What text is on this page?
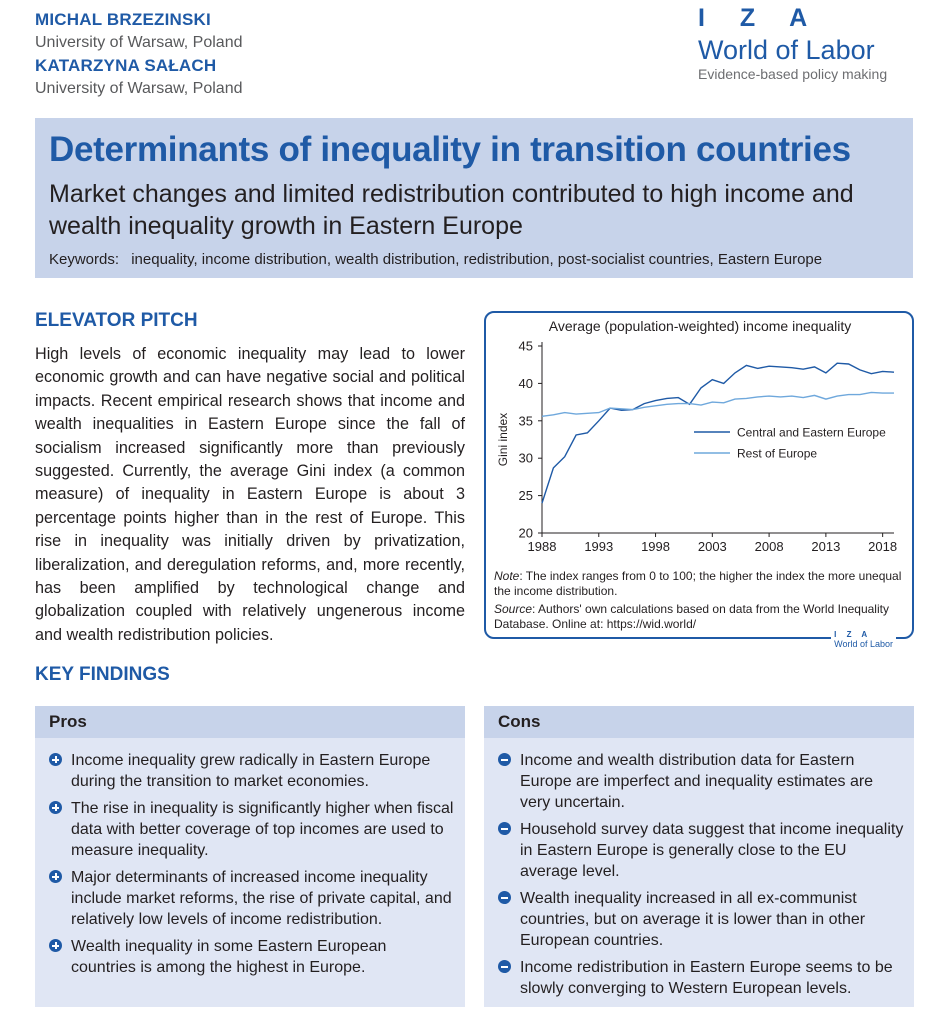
MICHAL BRZEZINSKI
University of Warsaw, Poland
KATARZYNA SAŁACH
University of Warsaw, Poland
I Z A
World of Labor
Evidence-based policy making
Determinants of inequality in transition countries
Market changes and limited redistribution contributed to high income and wealth inequality growth in Eastern Europe
Keywords: inequality, income distribution, wealth distribution, redistribution, post-socialist countries, Eastern Europe
ELEVATOR PITCH
High levels of economic inequality may lead to lower economic growth and can have negative social and political impacts. Recent empirical research shows that income and wealth inequalities in Eastern Europe since the fall of socialism increased significantly more than previously suggested. Currently, the average Gini index (a common measure) of inequality in Eastern Europe is about 3 percentage points higher than in the rest of Europe. This rise in inequality was initially driven by privatization, liberalization, and deregulation reforms, and, more recently, has been amplified by technological change and globalization coupled with relatively ungenerous income and wealth redistribution policies.
Average (population-weighted) income inequality
20
25
30
35
40
45
1988 1993 1998 2003 2008 2013 2018
Gini index	Central and Eastern Europe
Rest of Europe

Note: The index ranges from 0 to 100; the higher the index the more unequal the income distribution.

Source: Authors' own calculations based on data from the World Inequality Database. Online at: https://wid.world/

I Z A
World of Labor
KEY FINDINGS
Pros
Income inequality grew radically in Eastern Europe during the transition to market economies.
The rise in inequality is significantly higher when fiscal data with better coverage of top incomes are used to measure inequality.
Major determinants of increased income inequality include market reforms, the rise of private capital, and relatively low levels of income redistribution.
Wealth inequality in some Eastern European countries is among the highest in Europe.
Cons
Income and wealth distribution data for Eastern Europe are imperfect and inequality estimates are very uncertain.
Household survey data suggest that income inequality in Eastern Europe is generally close to the EU average level.
Wealth inequality increased in all ex-communist countries, but on average it is lower than in other European countries.
Income redistribution in Eastern Europe seems to be slowly converging to Western European levels.
